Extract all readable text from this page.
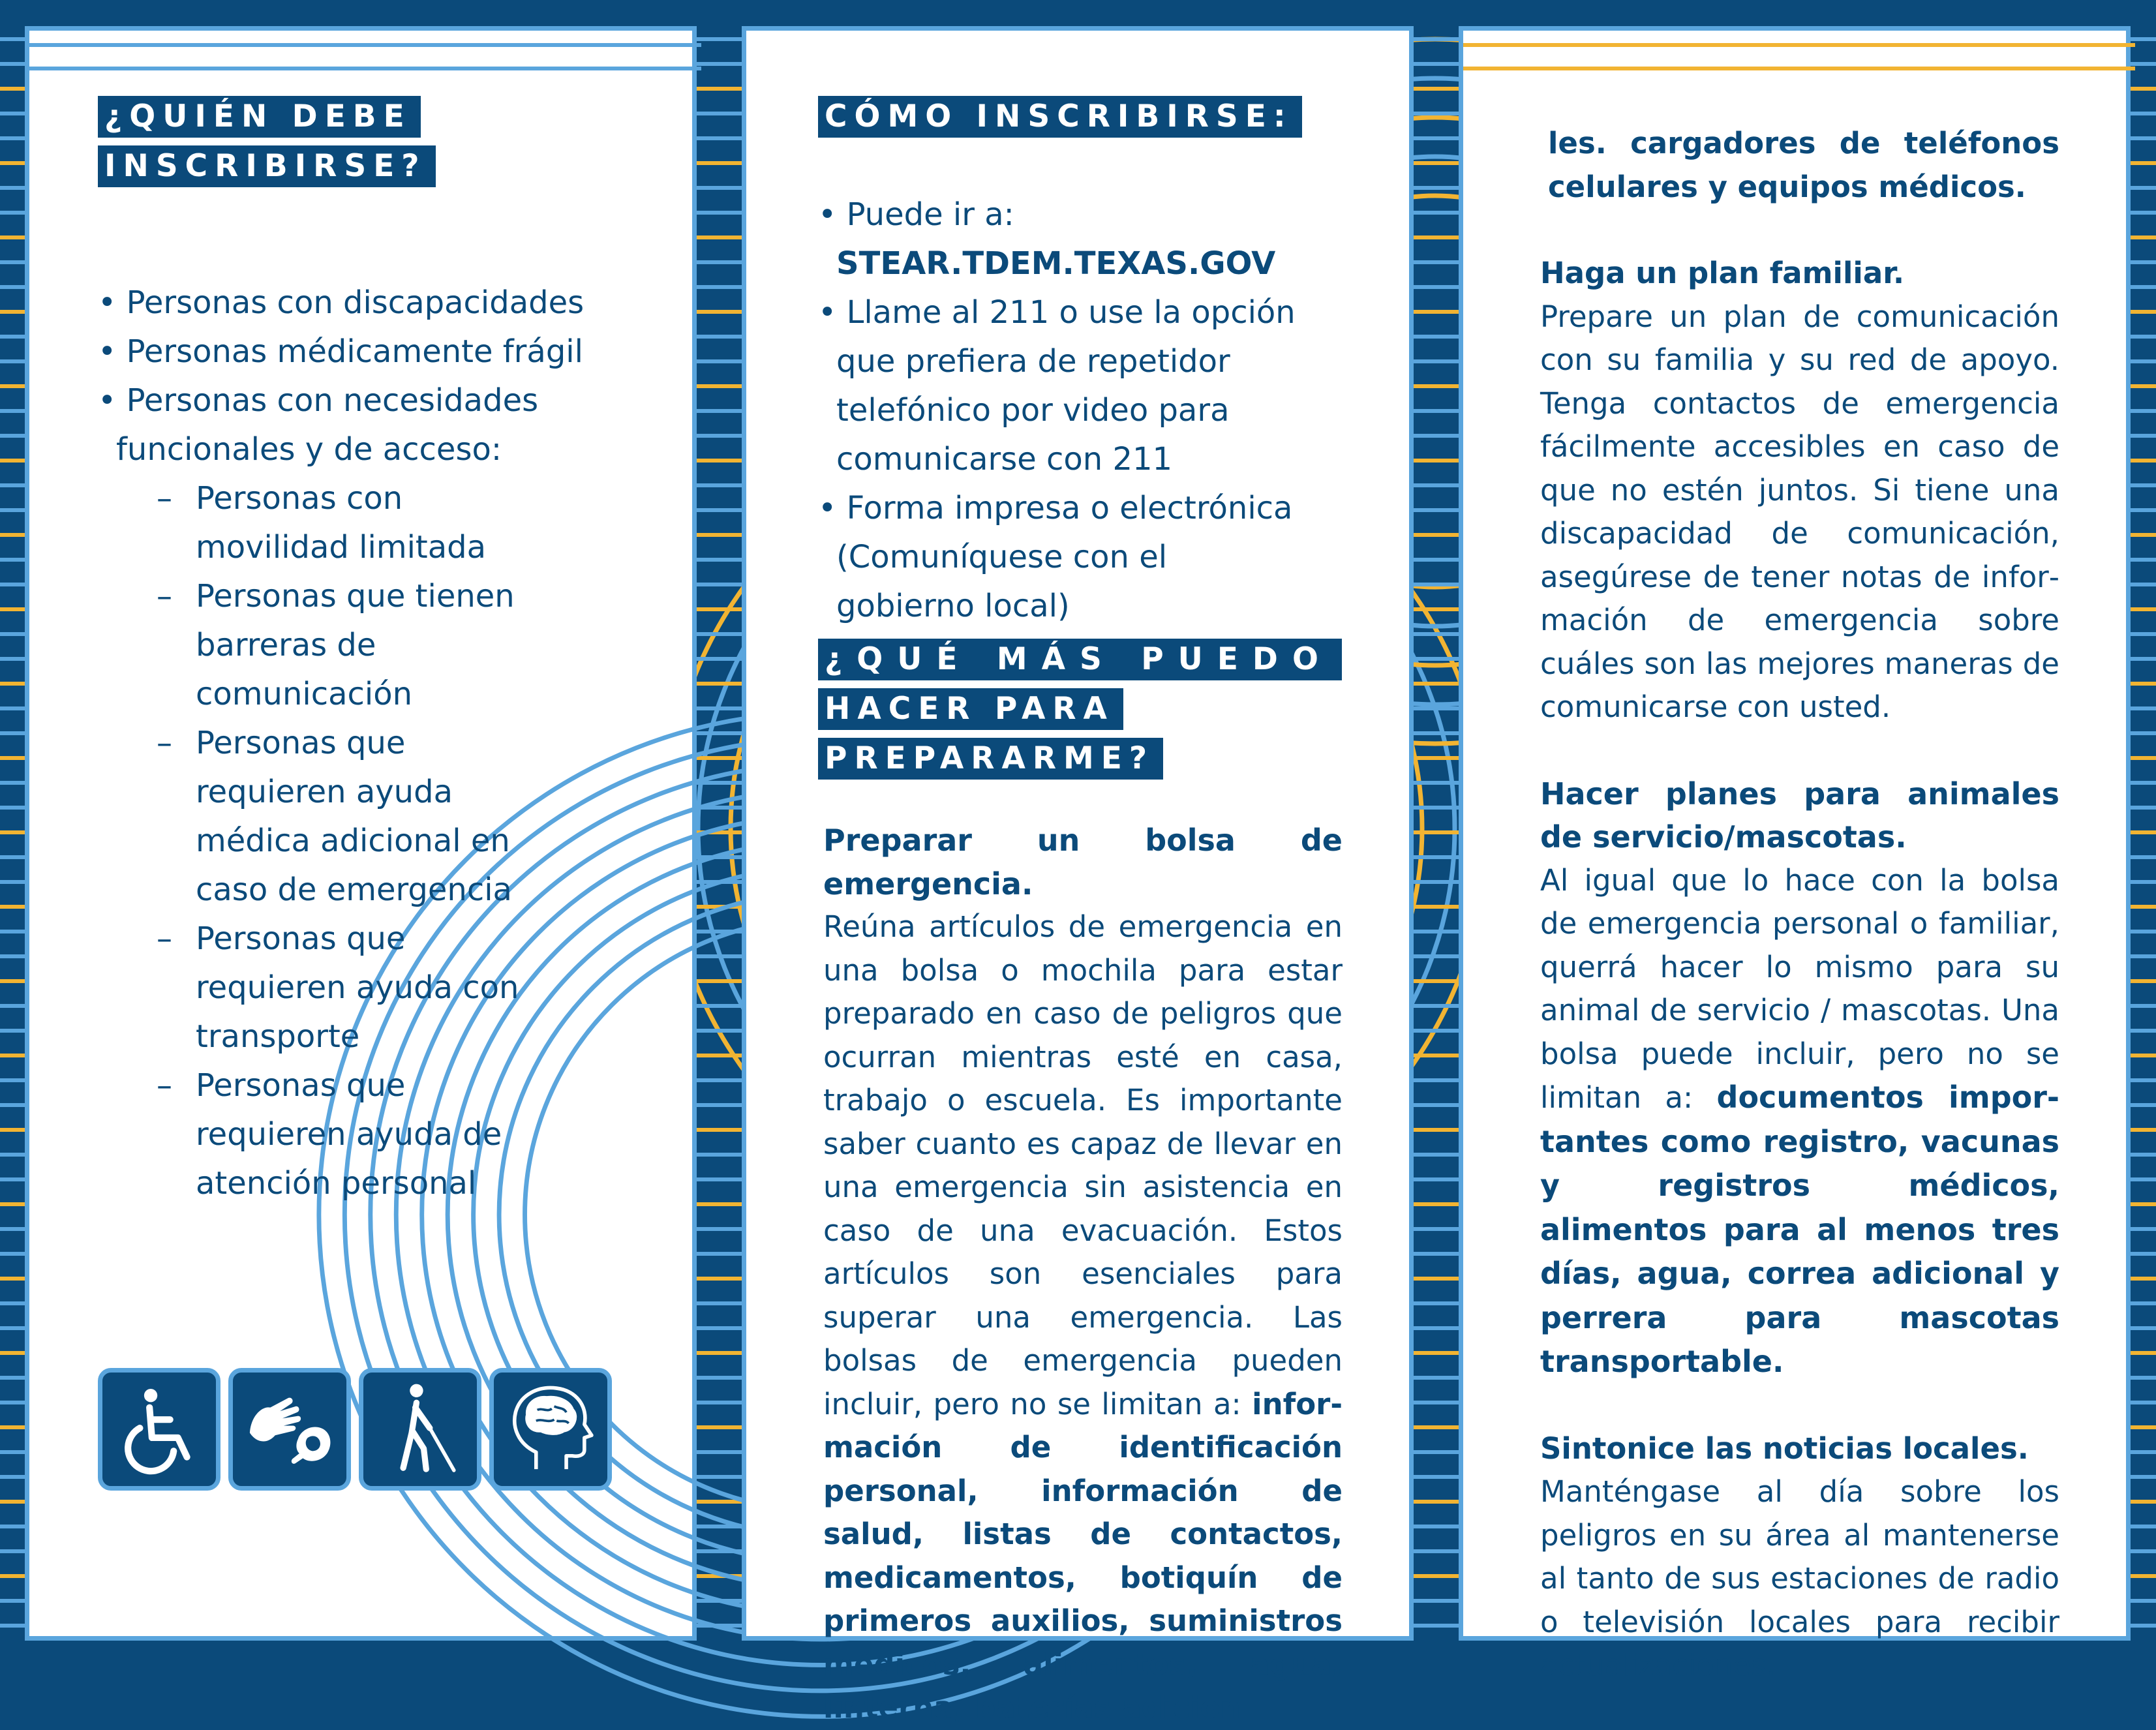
¿QUIÉN DEBE
INSCRIBIRSE?
• Personas con discapacidades
• Personas médicamente frágil
• Personas con necesidades
funcionales y de acceso:
– Personas con
movilidad limitada
– Personas que tienen
barreras de
comunicación
– Personas que
requieren ayuda
médica adicional en
caso de emergencia
– Personas que
requieren ayuda con
transporte
– Personas que
requieren ayuda de
atención personal
CÓMO INSCRIBIRSE:
• Puede ir a:
STEAR.TDEM.TEXAS.GOV
• Llame al 211 o use la opción
que prefiera de repetidor
telefónico por video para
comunicarse con 211
• Forma impresa o electrónica
(Comuníquese con el
gobierno local)
¿QUÉ MÁS PUEDO
HACER PARA
PREPARARME?
Preparar un bolsa de emergencia.
Reúna artículos de emergencia en una bolsa o mochila para estar preparado en caso de peligros que ocurran mientras esté en casa, trabajo o escuela. Es importante saber cuanto es capaz de llevar en una emergencia sin asistencia en caso de una evacuación. Estos artículos son esenciales para superar una emergencia. Las bolsas de emergencia pueden incluir, pero no se limitan a: información de identificación personal, información de salud, listas de contactos, medicamentos, botiquín de primeros auxilios, suministros médicos, alimentos, agua, linterna, baterías adicion
les. cargadores de teléfonos celulares y equipos médicos.
Haga un plan familiar.
Prepare un plan de comunicación con su familia y su red de apoyo. Tenga contactos de emergencia fácilmente accesibles en caso de que no estén juntos. Si tiene una discapacidad de comunicación, asegúrese de tener notas de información de emergencia sobre cuáles son las mejores maneras de comunicarse con usted.
Hacer planes para animales de servicio/mascotas.
Al igual que lo hace con la bolsa de emergencia personal o familiar, querrá hacer lo mismo para su animal de servicio / mascotas. Una bolsa puede incluir, pero no se limitan a: documentos importantes como registro, vacunas y registros médicos, alimentos para al menos tres días, agua, correa adicional y perrera para mascotas transportable.
Sintonice las noticias locales.
Manténgase al día sobre los peligros en su área al mantenerse al tanto de sus estaciones de radio o televisión locales para recibir actualizaciones.
